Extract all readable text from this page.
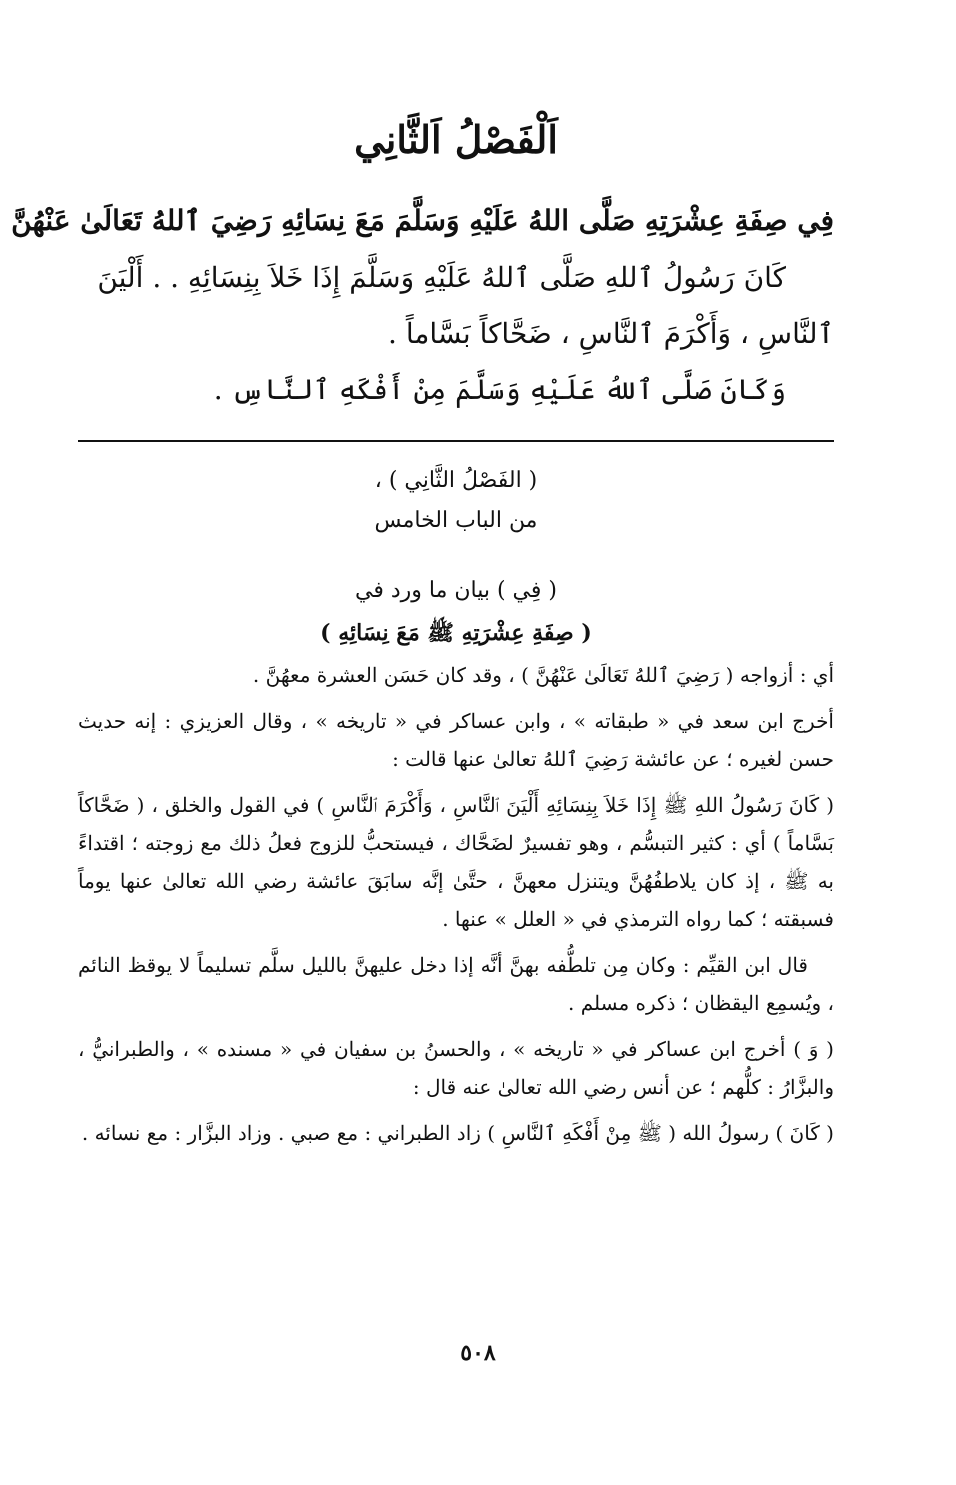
اَلْفَصْلُ اَلثَّانِي
فِي صِفَةِ عِشْرَتِهِ صَلَّى اللهُ عَلَيْهِ وَسَلَّمَ مَعَ نِسَائِهِ رَضِيَ ٱللهُ تَعَالَىٰ عَنْهُنَّ

كَانَ رَسُولُ ٱللهِ صَلَّى ٱللهُ عَلَيْهِ وَسَلَّمَ إِذَا خَلاَ بِنِسَائِهِ . . أَلْيَنَ

ٱلنَّاسِ ، وَأَكْرَمَ ٱلنَّاسِ ، ضَحَّاكاً بَسَّاماً .

وَكَانَ صَلَّى ٱللهُ عَلَيْهِ وَسَلَّمَ مِنْ أَفْكَهِ ٱلنَّاسِ .

( الفَصْلُ الثَّانِي ) ،
من الباب الخامس
( فِي ) بيان ما ورد في
( صِفَةِ عِشْرَتِهِ ﷺ مَعَ نِسَائِهِ )

أي : أزواجه ( رَضِيَ ٱللهُ تَعَالَىٰ عَنْهُنَّ ) ، وقد كان حَسَن العشرة معهُنَّ .

أخرج ابن سعد في « طبقاته » ، وابن عساكر في « تاريخه » ، وقال العزيزي : إنه حديث حسن لغيره ؛ عن عائشة رَضِيَ ٱللهُ تعالىٰ عنها قالت :

( كَانَ رَسُولُ اللهِ ﷺ إِذَا خَلاَ بِنِسَائِهِ أَلْيَنَ ٱلنَّاسِ ، وَأَكْرَمَ ٱلنَّاسِ ) في القول والخلق ، ( ضَحَّاكاً بَسَّاماً ) أي : كثير التبسُّم ، وهو تفسيرٌ لضَحَّاك ، فيستحبُّ للزوج فعلُ ذلك مع زوجته ؛ اقتداءً به ﷺ ، إذ كان يلاطفُهُنَّ ويتنزل معهنَّ ، حتَّىٰ إنَّه سابَقَ عائشة رضي الله تعالىٰ عنها يوماً فسبقته ؛ كما رواه الترمذي في « العلل » عنها .

قال ابن القيِّم : وكان مِن تلطُّفه بهنَّ أنَّه إذا دخل عليهنَّ بالليل سلَّم تسليماً لا يوقظ النائم ، ويُسمِع اليقظان ؛ ذكره مسلم .

( وَ ) أخرج ابن عساكر في « تاريخه » ، والحسنُ بن سفيان في « مسنده » ، والطبرانيُّ ، والبزَّارُ : كلُّهم ؛ عن أنس رضي الله تعالىٰ عنه قال :

( كَانَ ) رسولُ الله ( ﷺ مِنْ أَفْكَهِ ٱلنَّاسِ ) زاد الطبراني : مع صبي . وزاد البزَّار : مع نسائه .

٥٠٨
